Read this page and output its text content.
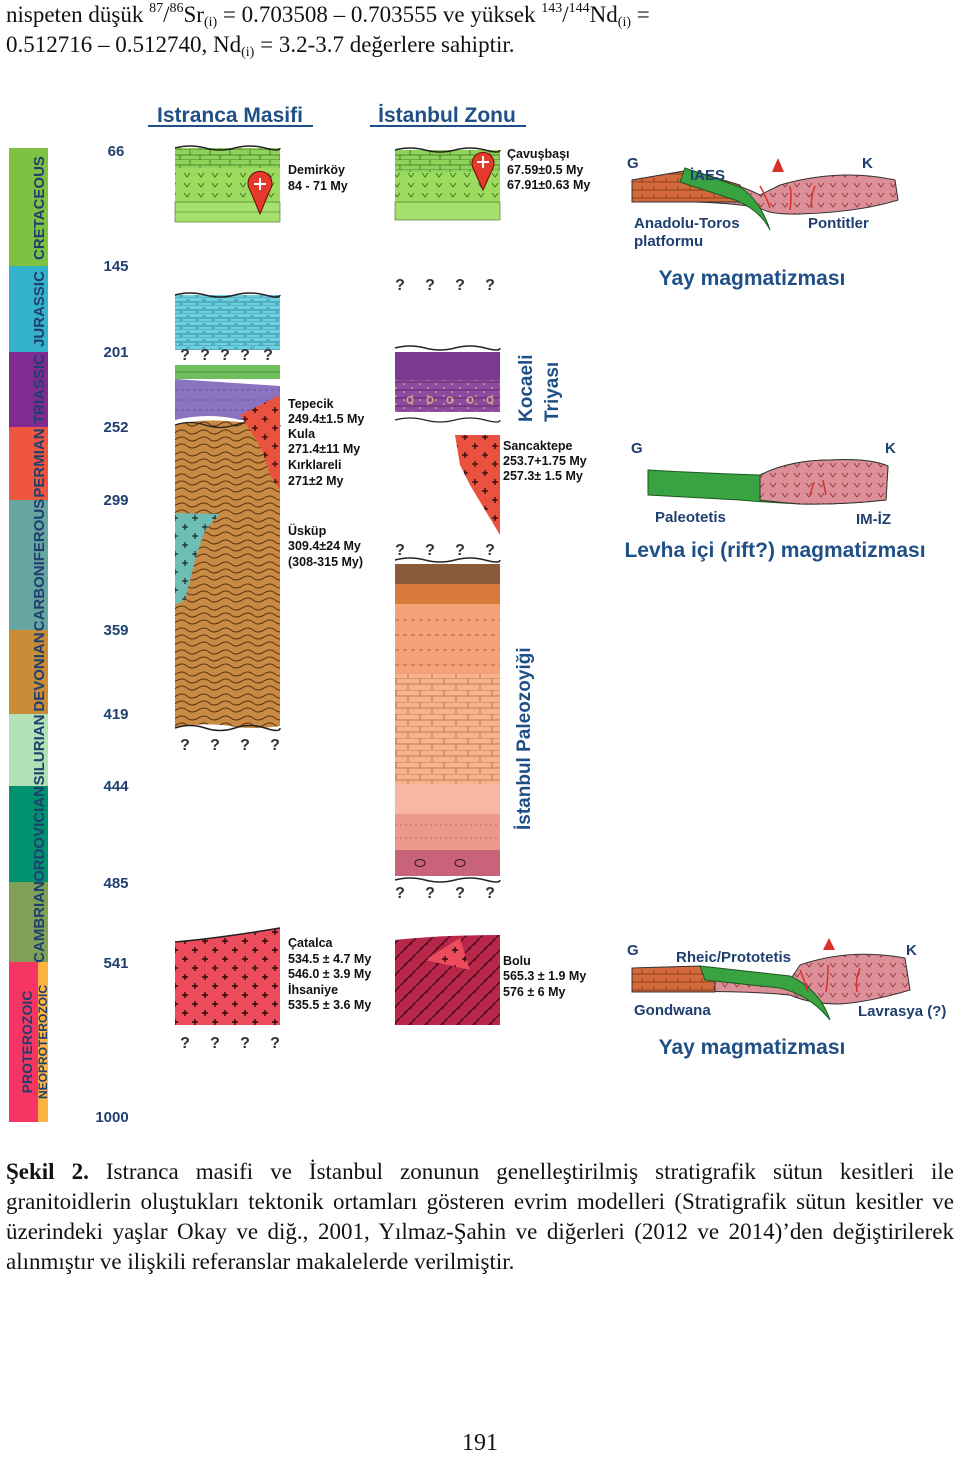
nispeten düşük $^{87}/^{86}Sr_{(i)} = 0.703508 - 0.703555$ ve yüksek $^{143}/^{144}Nd_{(i)}$ =
0.512716 – 0.512740, $Nd_{(i)} = 3.2-3.7$ değerlere sahiptir.
Istranca Masifi	İstanbul Zonu
CRETACEOUS
JURASSIC
TRIASSIC
PERMIAN
CARBONIFEROUS
DEVONIAN
SILURIAN
ORDOVICIAN
CAMBRIAN
PROTEROZOIC NEOPROTEROZOIC
66
145
201
252
299
359
419
444
485
541
1000
? ? ? ? ?
? ? ? ?
? ? ? ?
Demirköy
84 - 71 My
Tepecik
249.4±1.5 My
Kula
271.4±11 My
Kırklareli
271±2 My
Üsküp
309.4±24 My
(308-315 My)
Çatalca
534.5 ± 4.7 My
546.0 ± 3.9 My
İhsaniye
535.5 ± 3.6 My
? ? ? ?
? ? ? ?
? ? ? ?
Çavuşbaşı
67.59±0.5 My
67.91±0.63 My
Sancaktepe
253.7+1.75 My
257.3± 1.5 My
Bolu
565.3 ± 1.9 My
576 ± 6 My
Kocaeli Triyası
İstanbul Paleozoyiği
G	K
İAES
Anadolu-Toros
platformu
Pontitler
Yay magmatizması
G	K
Paleotetis	IM-İZ
Levha içi (rift?) magmatizması
G	K
Rheic/Prototetis
Gondwana	Lavrasya (?)
Yay magmatizması
Şekil 2. Istranca masifi ve İstanbul zonunun genelleştirilmiş stratigrafik sütun kesitleri ile granitoidlerin oluştukları tektonik ortamları gösteren evrim modelleri (Stratigrafik sütun kesitler ve üzerindeki yaşlar Okay ve diğ., 2001, Yılmaz-Şahin ve diğerleri (2012 ve 2014)’den değiştirilerek alınmıştır ve ilişkili referanslar makalelerde verilmiştir.
191
